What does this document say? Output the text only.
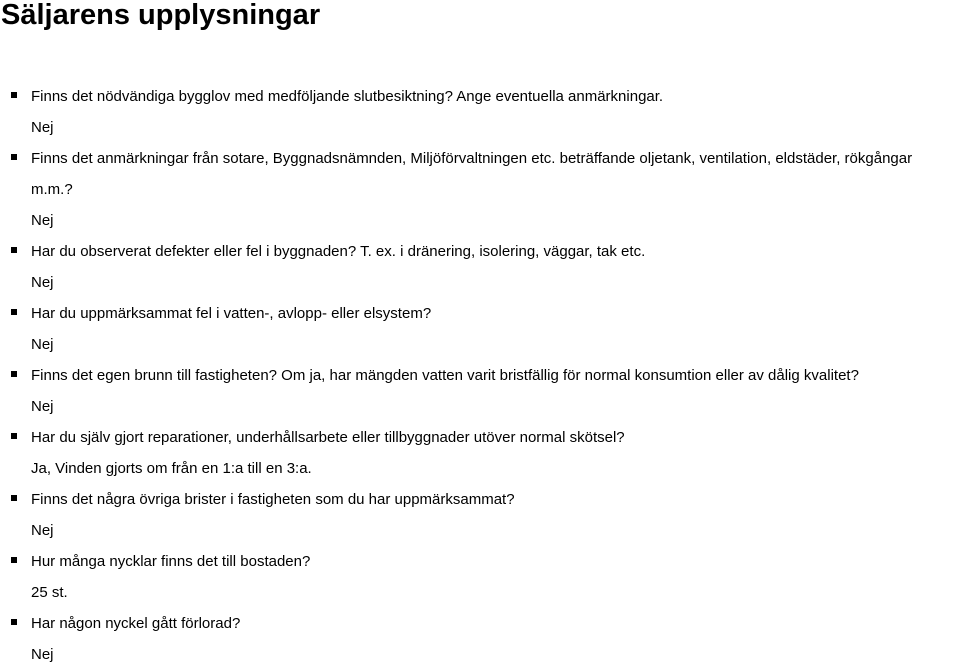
Säljarens upplysningar
Finns det nödvändiga bygglov med medföljande slutbesiktning? Ange eventuella anmärkningar.
Nej
Finns det anmärkningar från sotare, Byggnadsnämnden, Miljöförvaltningen etc. beträffande oljetank, ventilation, eldstäder, rökgångar m.m.?
Nej
Har du observerat defekter eller fel i byggnaden? T. ex. i dränering, isolering, väggar, tak etc.
Nej
Har du uppmärksammat fel i vatten-, avlopp- eller elsystem?
Nej
Finns det egen brunn till fastigheten? Om ja, har mängden vatten varit bristfällig för normal konsumtion eller av dålig kvalitet?
Nej
Har du själv gjort reparationer, underhållsarbete eller tillbyggnader utöver normal skötsel?
Ja, Vinden gjorts om från en 1:a till en 3:a.
Finns det några övriga brister i fastigheten som du har uppmärksammat?
Nej
Hur många nycklar finns det till bostaden?
25 st.
Har någon nyckel gått förlorad?
Nej
